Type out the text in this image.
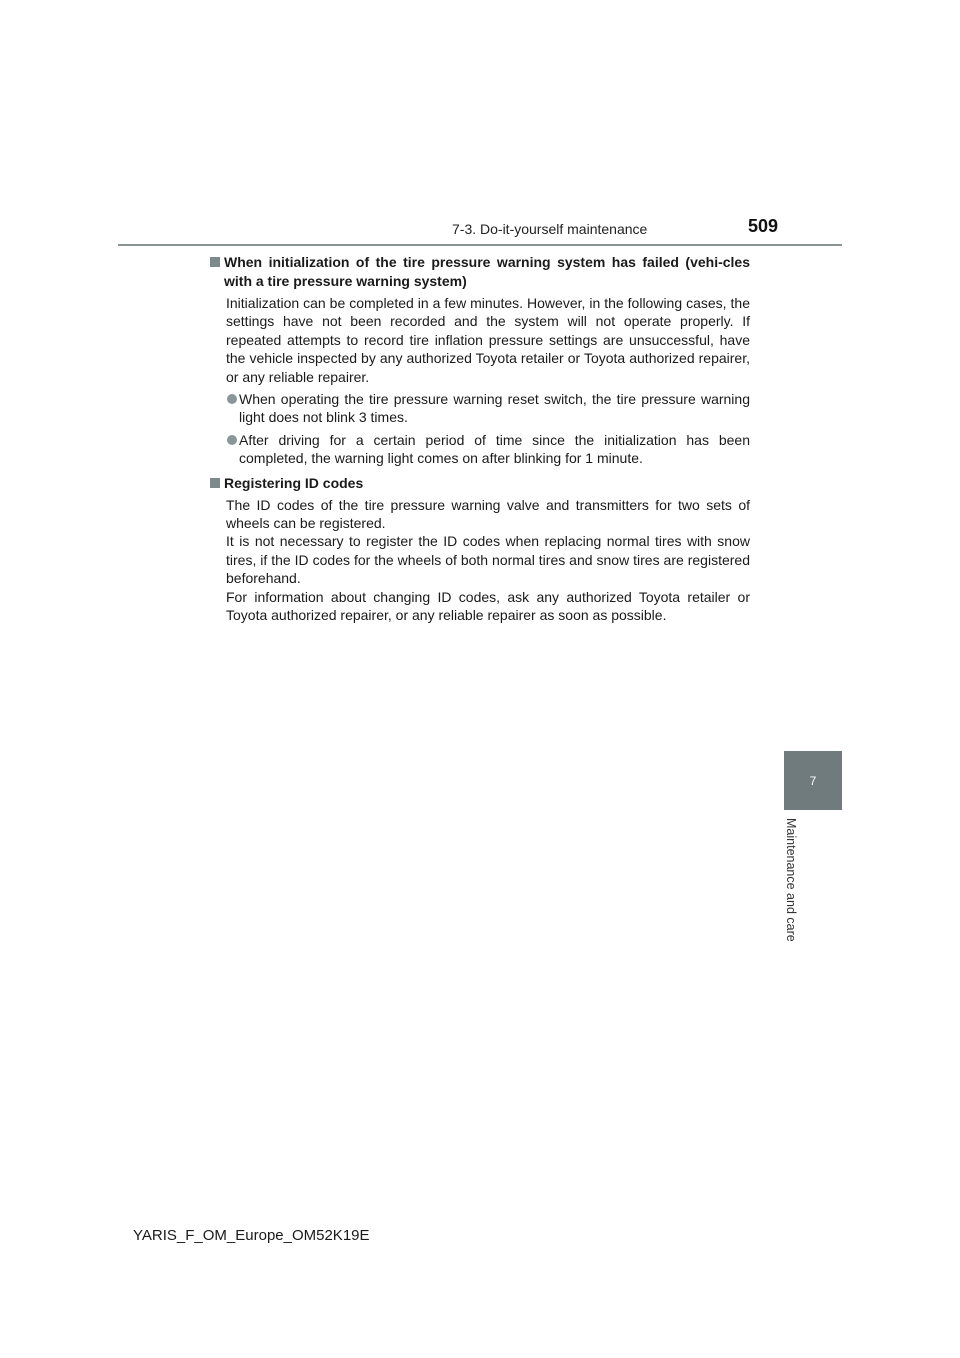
7-3. Do-it-yourself maintenance	509
7
Maintenance and care
When initialization of the tire pressure warning system has failed (vehi-cles with a tire pressure warning system)
Initialization can be completed in a few minutes. However, in the following cases, the settings have not been recorded and the system will not operate properly. If repeated attempts to record tire inflation pressure settings are unsuccessful, have the vehicle inspected by any authorized Toyota retailer or Toyota authorized repairer, or any reliable repairer.
When operating the tire pressure warning reset switch, the tire pressure warning light does not blink 3 times.
After driving for a certain period of time since the initialization has been completed, the warning light comes on after blinking for 1 minute.
Registering ID codes
The ID codes of the tire pressure warning valve and transmitters for two sets of wheels can be registered.
It is not necessary to register the ID codes when replacing normal tires with snow tires, if the ID codes for the wheels of both normal tires and snow tires are registered beforehand.
For information about changing ID codes, ask any authorized Toyota retailer or Toyota authorized repairer, or any reliable repairer as soon as possible.
YARIS_F_OM_Europe_OM52K19E
